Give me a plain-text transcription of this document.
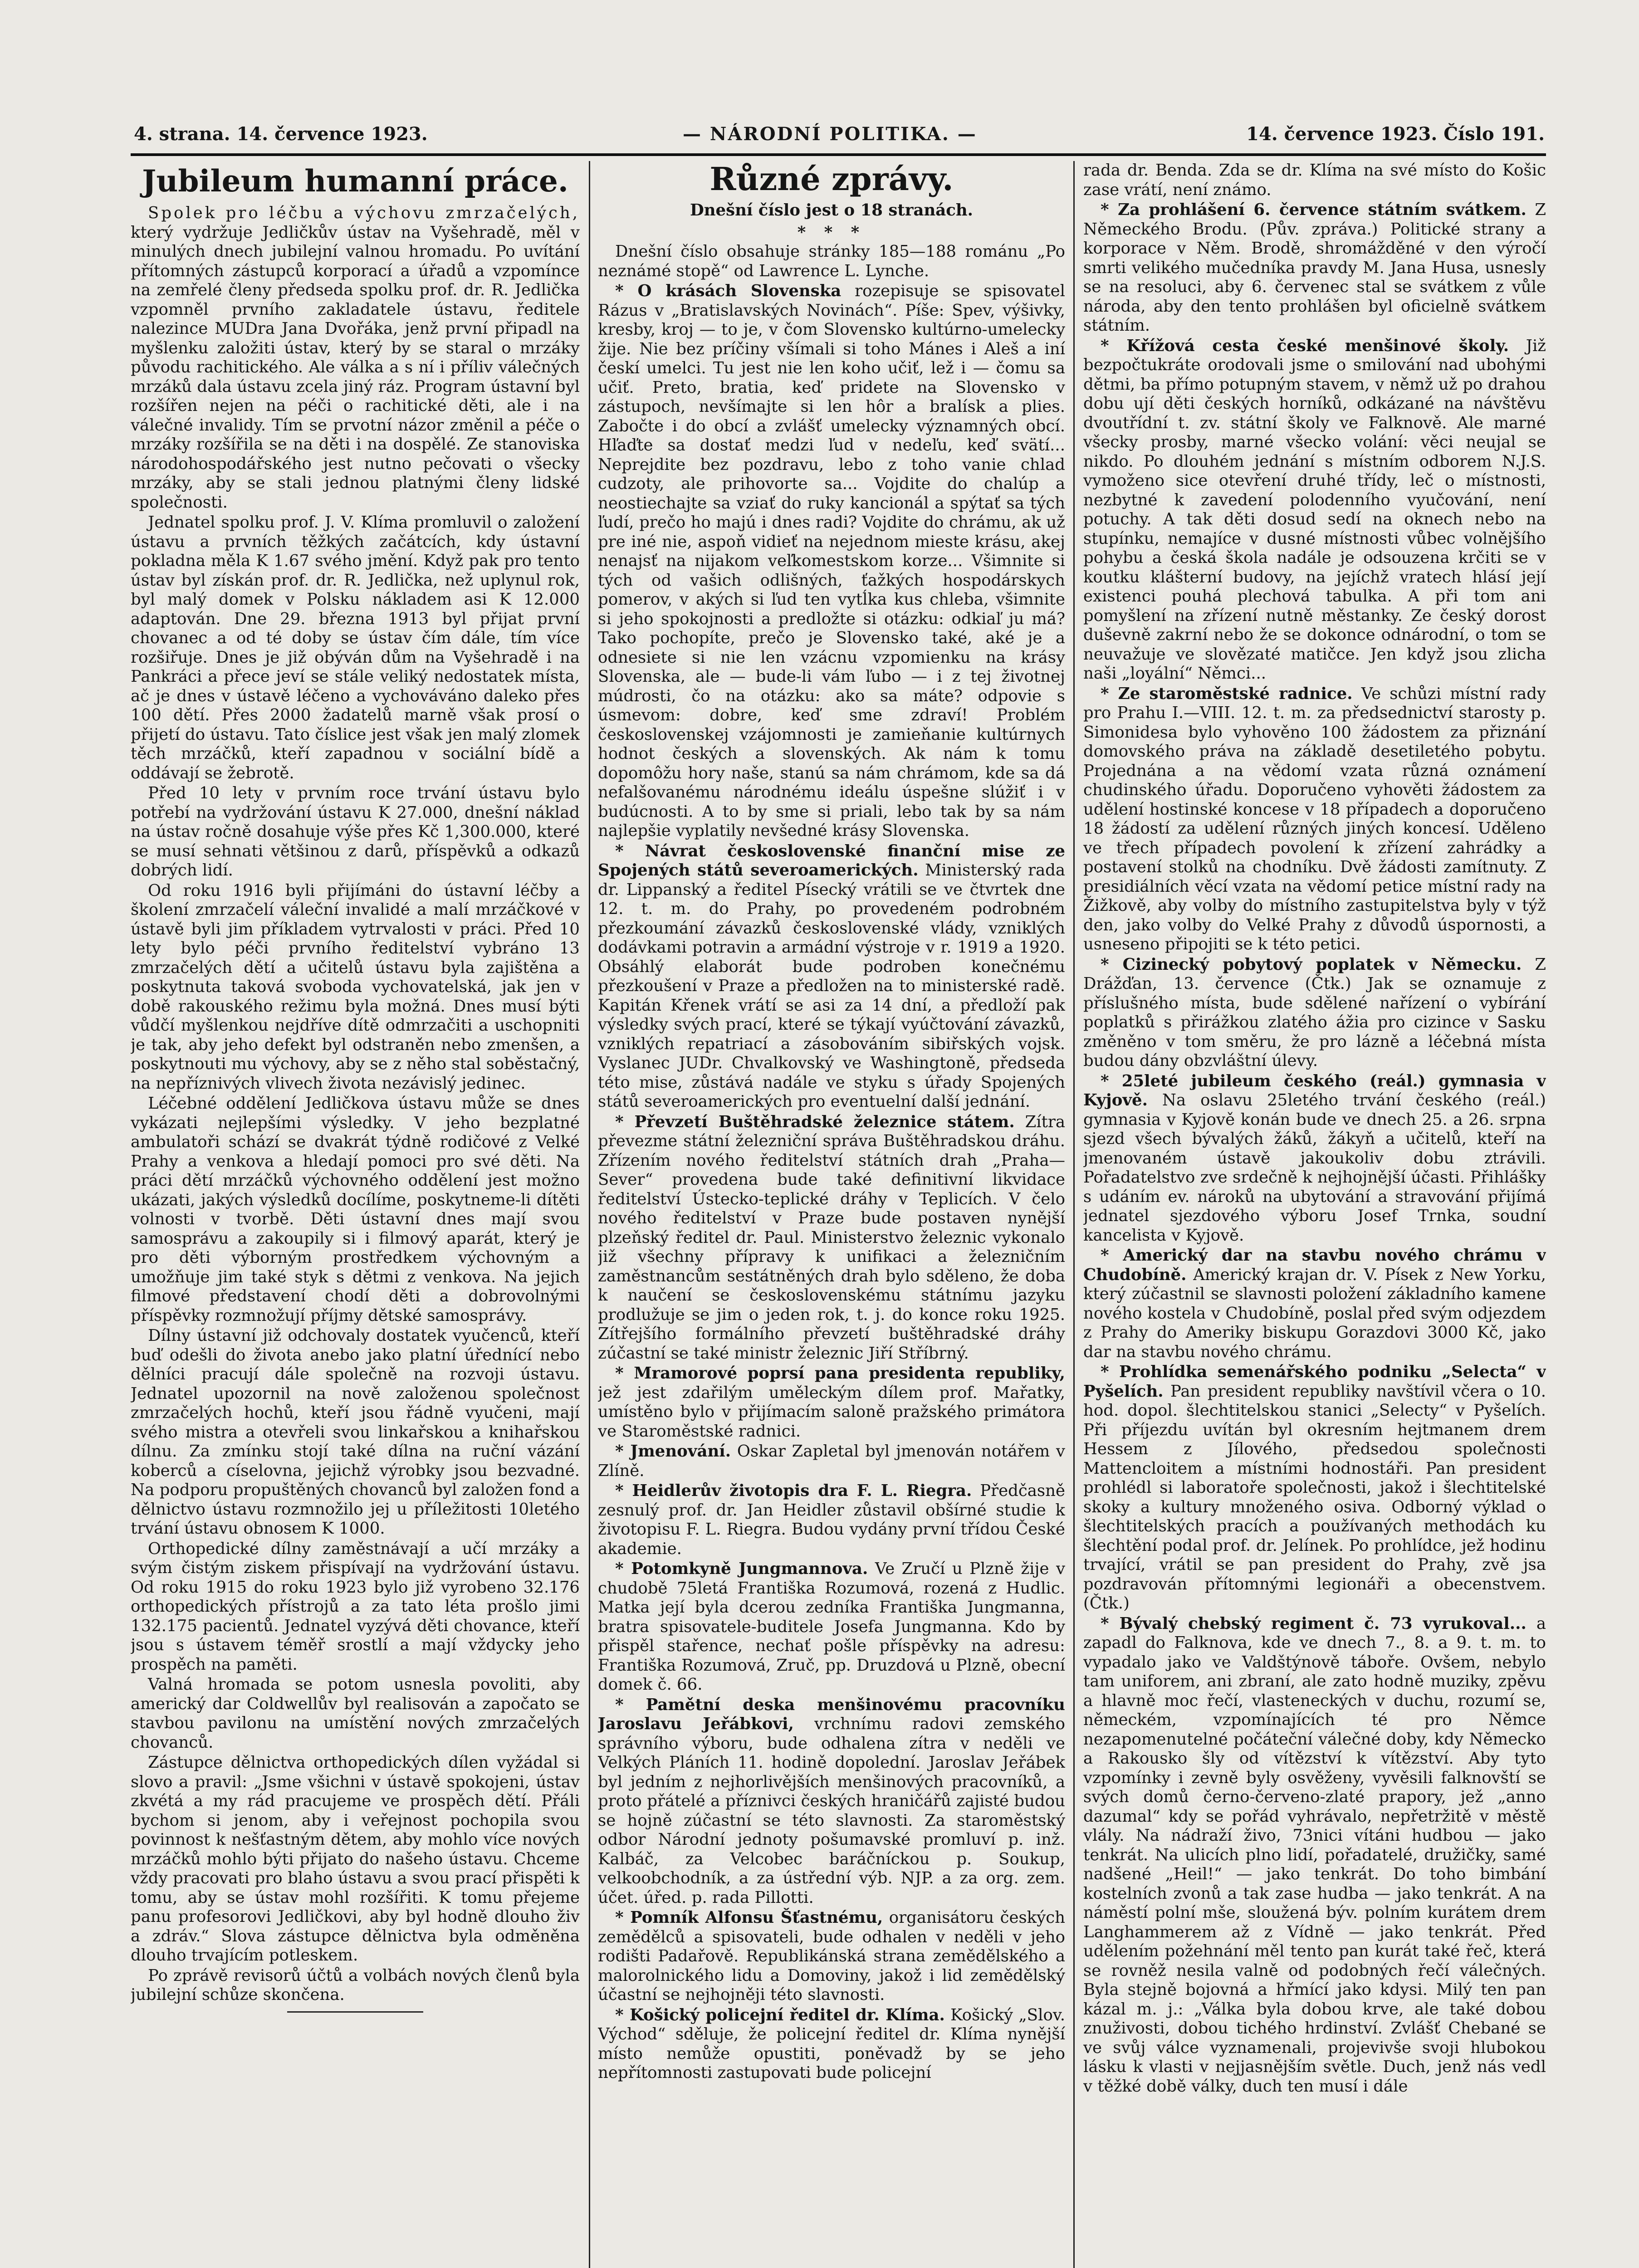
4. strana. 14. července 1923.	— NÁRODNÍ POLITIKA. —	14. července 1923. Číslo 191.
Jubileum humanní práce.

Spolek pro léčbu a výchovu zmrzačelých, který vydržuje Jedličkův ústav na Vyšehradě, měl v minulých dnech jubilejní valnou hromadu. Po uvítání přítomných zástupců korporací a úřadů a vzpomínce na zemřelé členy předseda spolku prof. dr. R. Jedlička vzpomněl prvního zakladatele ústavu, ředitele nalezince MUDra Jana Dvořáka, jenž první připadl na myšlenku založiti ústav, který by se staral o mrzáky původu rachitického. Ale válka a s ní i příliv válečných mrzáků dala ústavu zcela jiný ráz. Program ústavní byl rozšířen nejen na péči o rachitické děti, ale i na válečné invalidy. Tím se prvotní názor změnil a péče o mrzáky rozšířila se na děti i na dospělé. Ze stanoviska národohospodářského jest nutno pečovati o všecky mrzáky, aby se stali jednou platnými členy lidské společnosti.

Jednatel spolku prof. J. V. Klíma promluvil o založení ústavu a prvních těžkých začátcích, kdy ústavní pokladna měla K 1.67 svého jmění. Když pak pro tento ústav byl získán prof. dr. R. Jedlička, než uplynul rok, byl malý domek v Polsku nákladem asi K 12.000 adaptován. Dne 29. března 1913 byl přijat první chovanec a od té doby se ústav čím dále, tím více rozšiřuje. Dnes je již obýván dům na Vyšehradě i na Pankráci a přece jeví se stále veliký nedostatek místa, ač je dnes v ústavě léčeno a vychováváno daleko přes 100 dětí. Přes 2000 žadatelů marně však prosí o přijetí do ústavu. Tato číslice jest však jen malý zlomek těch mrzáčků, kteří zapadnou v sociální bídě a oddávají se žebrotě.

Před 10 lety v prvním roce trvání ústavu bylo potřebí na vydržování ústavu K 27.000, dnešní náklad na ústav ročně dosahuje výše přes Kč 1,300.000, které se musí sehnati většinou z darů, příspěvků a odkazů dobrých lidí.

Od roku 1916 byli přijímáni do ústavní léčby a školení zmrzačelí váleční invalidé a malí mrzáčkové v ústavě byli jim příkladem vytrvalosti v práci. Před 10 lety bylo péči prvního ředitelství vybráno 13 zmrzačelých dětí a učitelů ústavu byla zajištěna a poskytnuta taková svoboda vychovatelská, jak jen v době rakouského režimu byla možná. Dnes musí býti vůdčí myšlenkou nejdříve dítě odmrzačiti a uschopniti je tak, aby jeho defekt byl odstraněn nebo zmenšen, a poskytnouti mu výchovy, aby se z něho stal soběstačný, na nepříznivých vlivech života nezávislý jedinec.

Léčebné oddělení Jedličkova ústavu může se dnes vykázati nejlepšími výsledky. V jeho bezplatné ambulatoři schází se dvakrát týdně rodičové z Velké Prahy a venkova a hledají pomoci pro své děti. Na práci dětí mrzáčků výchovného oddělení jest možno ukázati, jakých výsledků docílíme, poskytneme-li dítěti volnosti v tvorbě. Děti ústavní dnes mají svou samosprávu a zakoupily si i filmový aparát, který je pro děti výborným prostředkem výchovným a umožňuje jim také styk s dětmi z venkova. Na jejich filmové představení chodí děti a dobrovolnými příspěvky rozmnožují příjmy dětské samosprávy.

Dílny ústavní již odchovaly dostatek vyučenců, kteří buď odešli do života anebo jako platní úřednící nebo dělníci pracují dále společně na rozvoji ústavu. Jednatel upozornil na nově založenou společnost zmrzačelých hochů, kteří jsou řádně vyučeni, mají svého mistra a otevřeli svou linkařskou a knihařskou dílnu. Za zmínku stojí také dílna na ruční vázání koberců a císelovna, jejichž výrobky jsou bezvadné. Na podporu propuštěných chovanců byl založen fond a dělnictvo ústavu rozmnožilo jej u příležitosti 10letého trvání ústavu obnosem K 1000.

Orthopedické dílny zaměstnávají a učí mrzáky a svým čistým ziskem přispívají na vydržování ústavu. Od roku 1915 do roku 1923 bylo již vyrobeno 32.176 orthopedických přístrojů a za tato léta prošlo jimi 132.175 pacientů. Jednatel vyzývá děti chovance, kteří jsou s ústavem téměř srostlí a mají vždycky jeho prospěch na paměti.

Valná hromada se potom usnesla povoliti, aby americký dar Coldwellův byl realisován a započato se stavbou pavilonu na umístění nových zmrzačelých chovanců.

Zástupce dělnictva orthopedických dílen vyžádal si slovo a pravil: „Jsme všichni v ústavě spokojeni, ústav zkvétá a my rád pracujeme ve prospěch dětí. Přáli bychom si jenom, aby i veřejnost pochopila svou povinnost k nešťastným dětem, aby mohlo více nových mrzáčků mohlo býti přijato do našeho ústavu. Chceme vždy pracovati pro blaho ústavu a svou prací přispěti k tomu, aby se ústav mohl rozšířiti. K tomu přejeme panu profesorovi Jedličkovi, aby byl hodně dlouho živ a zdráv.“ Slova zástupce dělnictva byla odměněna dlouho trvajícím potleskem.

Po zprávě revisorů účtů a volbách nových členů byla jubilejní schůze skončena.

Různé zprávy.
Dnešní číslo jest o 18 stranách.
* * *

Dnešní číslo obsahuje stránky 185—188 románu „Po neznámé stopě“ od Lawrence L. Lynche.

* O krásách Slovenska rozepisuje se spisovatel Rázus v „Bratislavských Novinách“. Píše: Spev, výšivky, kresby, kroj — to je, v čom Slovensko kultúrno-umelecky žije. Nie bez príčiny všímali si toho Mánes i Aleš a iní českí umelci. Tu jest nie len koho učiť, lež i — čomu sa učiť. Preto, bratia, keď pridete na Slovensko v zástupoch, nevšímajte si len hôr a bralísk a plies. Zabočte i do obcí a zvlášť umelecky významných obcí. Hľaďte sa dostať medzi ľud v nedeľu, keď svätí... Neprejdite bez pozdravu, lebo z toho vanie chlad cudzoty, ale prihovorte sa... Vojdite do chalúp a neostiechajte sa vziať do ruky kancionál a spýtať sa tých ľudí, prečo ho majú i dnes radi? Vojdite do chrámu, ak už pre iné nie, aspoň vidieť na nejednom mieste krásu, akej nenajsť na nijakom veľkomestskom korze... Všimnite si tých od vašich odlišných, ťažkých hospodárskych pomerov, v akých si ľud ten vytĺka kus chleba, všimnite si jeho spokojnosti a predložte si otázku: odkiaľ ju má? Tako pochopíte, prečo je Slovensko také, aké je a odnesiete si nie len vzácnu vzpomienku na krásy Slovenska, ale — bude-li vám ľubo — i z tej životnej múdrosti, čo na otázku: ako sa máte? odpovie s úsmevom: dobre, keď sme zdraví! Problém československej vzájomnosti je zamieňanie kultúrnych hodnot českých a slovenských. Ak nám k tomu dopomôžu hory naše, stanú sa nám chrámom, kde sa dá nefalšovanému národnému ideálu úspešne slúžiť i v budúcnosti. A to by sme si priali, lebo tak by sa nám najlepšie vyplatily nevšedné krásy Slovenska.

* Návrat československé finanční mise ze Spojených států severoamerických. Ministerský rada dr. Lippanský a ředitel Písecký vrátili se ve čtvrtek dne 12. t. m. do Prahy, po provedeném podrobném přezkoumání závazků československé vlády, vzniklých dodávkami potravin a armádní výstroje v r. 1919 a 1920. Obsáhlý elaborát bude podroben konečnému přezkoušení v Praze a předložen na to ministerské radě. Kapitán Křenek vrátí se asi za 14 dní, a předloží pak výsledky svých prací, které se týkají vyúčtování závazků, vzniklých repatriací a zásobováním sibiřských vojsk. Vyslanec JUDr. Chvalkovský ve Washingtoně, předseda této mise, zůstává nadále ve styku s úřady Spojených států severoamerických pro eventuelní další jednání.

* Převzetí Buštěhradské železnice státem. Zítra převezme státní železniční správa Buštěhradskou dráhu. Zřízením nového ředitelství státních drah „Praha—Sever“ provedena bude také definitivní likvidace ředitelství Ústecko-teplické dráhy v Teplicích. V čelo nového ředitelství v Praze bude postaven nynější plzeňský ředitel dr. Paul. Ministerstvo železnic vykonalo již všechny přípravy k unifikaci a železničním zaměstnancům sestátněných drah bylo sděleno, že doba k naučení se československému státnímu jazyku prodlužuje se jim o jeden rok, t. j. do konce roku 1925. Zítřejšího formálního převzetí buštěhradské dráhy zúčastní se také ministr železnic Jiří Stříbrný.

* Mramorové poprsí pana presidenta republiky, jež jest zdařilým uměleckým dílem prof. Mařatky, umístěno bylo v přijímacím saloně pražského primátora ve Staroměstské radnici.

* Jmenování. Oskar Zapletal byl jmenován notářem v Zlíně.

* Heidlerův životopis dra F. L. Riegra. Předčasně zesnulý prof. dr. Jan Heidler zůstavil obšírné studie k životopisu F. L. Riegra. Budou vydány první třídou České akademie.

* Potomkyně Jungmannova. Ve Zručí u Plzně žije v chudobě 75letá Františka Rozumová, rozená z Hudlic. Matka její byla dcerou zedníka Františka Jungmanna, bratra spisovatele-buditele Josefa Jungmanna. Kdo by přispěl stařence, nechať pošle příspěvky na adresu: Františka Rozumová, Zruč, pp. Druzdová u Plzně, obecní domek č. 66.

* Pamětní deska menšinovému pracovníku Jaroslavu Jeřábkovi, vrchnímu radovi zemského správního výboru, bude odhalena zítra v neděli ve Velkých Pláních 11. hodině dopolední. Jaroslav Jeřábek byl jedním z nejhorlivějších menšinových pracovníků, a proto přátelé a příznivci českých hraničářů zajisté budou se hojně zúčastní se této slavnosti. Za staroměstský odbor Národní jednoty pošumavské promluví p. inž. Kalbáč, za Velcobec baráčníckou p. Soukup, velkoobchodník, a za ústřední výb. NJP. a za org. zem. účet. úřed. p. rada Pillotti.

* Pomník Alfonsu Šťastnému, organisátoru českých zemědělců a spisovateli, bude odhalen v neděli v jeho rodišti Padařově. Republikánská strana zemědělského a malorolnického lidu a Domoviny, jakož i lid zemědělský účastní se nejhojněji této slavnosti.

* Košický policejní ředitel dr. Klíma. Košický „Slov. Východ“ sděluje, že policejní ředitel dr. Klíma nynější místo nemůže opustiti, poněvadž by se jeho nepřítomnosti zastupovati bude policejní

rada dr. Benda. Zda se dr. Klíma na své místo do Košic zase vrátí, není známo.

* Za prohlášení 6. července státním svátkem. Z Německého Brodu. (Pův. zpráva.) Politické strany a korporace v Něm. Brodě, shromážděné v den výročí smrti velikého mučedníka pravdy M. Jana Husa, usnesly se na resoluci, aby 6. červenec stal se svátkem z vůle národa, aby den tento prohlášen byl oficielně svátkem státním.

* Křížová cesta české menšinové školy. Již bezpočtukráte orodovali jsme o smilování nad ubohými dětmi, ba přímo potupným stavem, v němž už po drahou dobu ují děti českých horníků, odkázané na návštěvu dvoutřídní t. zv. státní školy ve Falknově. Ale marné všecky prosby, marné všecko volání: věci neujal se nikdo. Po dlouhém jednání s místním odborem N.J.S. vymoženo sice otevření druhé třídy, leč o místnosti, nezbytné k zavedení polodenního vyučování, není potuchy. A tak děti dosud sedí na oknech nebo na stupínku, nemajíce v dusné místnosti vůbec volnějšího pohybu a česká škola nadále je odsouzena krčiti se v koutku klášterní budovy, na jejíchž vratech hlásí její existenci pouhá plechová tabulka. A při tom ani pomyšlení na zřízení nutně městanky. Ze český dorost duševně zakrní nebo že se dokonce odnárodní, o tom se neuvažuje ve slovězaté matičce. Jen když jsou zlicha naši „loyální“ Němci...

* Ze staroměstské radnice. Ve schůzi místní rady pro Prahu I.—VIII. 12. t. m. za předsednictví starosty p. Simonidesa bylo vyhověno 100 žádostem za přiznání domovského práva na základě desetiletého pobytu. Projednána a na vědomí vzata různá oznámení chudinského úřadu. Doporučeno vyhověti žádostem za udělení hostinské koncese v 18 případech a doporučeno 18 žádostí za udělení různých jiných koncesí. Uděleno ve třech případech povolení k zřízení zahrádky a postavení stolků na chodníku. Dvě žádosti zamítnuty. Z presidiálních věcí vzata na vědomí petice místní rady na Žižkově, aby volby do místního zastupitelstva byly v týž den, jako volby do Velké Prahy z důvodů úspornosti, a usneseno připojiti se k této petici.

* Cizinecký pobytový poplatek v Německu. Z Drážďan, 13. července (Čtk.) Jak se oznamuje z příslušného místa, bude sdělené nařízení o vybírání poplatků s přirážkou zlatého ážia pro cizince v Sasku změněno v tom směru, že pro lázně a léčebná místa budou dány obzvláštní úlevy.

* 25leté jubileum českého (reál.) gymnasia v Kyjově. Na oslavu 25letého trvání českého (reál.) gymnasia v Kyjově konán bude ve dnech 25. a 26. srpna sjezd všech bývalých žáků, žákyň a učitelů, kteří na jmenovaném ústavě jakoukoliv dobu ztrávili. Pořadatelstvo zve srdečně k nejhojnější účasti. Přihlášky s udáním ev. nároků na ubytování a stravování přijímá jednatel sjezdového výboru Josef Trnka, soudní kancelista v Kyjově.

* Americký dar na stavbu nového chrámu v Chudobíně. Americký krajan dr. V. Písek z New Yorku, který zúčastnil se slavnosti položení základního kamene nového kostela v Chudobíně, poslal před svým odjezdem z Prahy do Ameriky biskupu Gorazdovi 3000 Kč, jako dar na stavbu nového chrámu.

* Prohlídka semenářského podniku „Selecta“ v Pyšelích. Pan president republiky navštívil včera o 10. hod. dopol. šlechtitelskou stanici „Selecty“ v Pyšelích. Při příjezdu uvítán byl okresním hejtmanem drem Hessem z Jílového, předsedou společnosti Mattencloitem a místními hodnostáři. Pan president prohlédl si laboratoře společnosti, jakož i šlechtitelské skoky a kultury množeného osiva. Odborný výklad o šlechtitelských pracích a používaných methodách ku šlechtění podal prof. dr. Jelínek. Po prohlídce, jež hodinu trvající, vrátil se pan president do Prahy, zvě jsa pozdravován přítomnými legionáři a obecenstvem. (Čtk.)

* Bývalý chebský regiment č. 73 vyrukoval... a zapadl do Falknova, kde ve dnech 7., 8. a 9. t. m. to vypadalo jako ve Valdštýnově táboře. Ovšem, nebylo tam uniforem, ani zbraní, ale zato hodně muziky, zpěvu a hlavně moc řečí, vlasteneckých v duchu, rozumí se, německém, vzpomínajících té pro Němce nezapomenutelné počáteční válečné doby, kdy Německo a Rakousko šly od vítězství k vítězství. Aby tyto vzpomínky i zevně byly osvěženy, vyvěsili falknovští se svých domů černo-červeno-zlaté prapory, jež „anno dazumal“ kdy se pořád vyhrávalo, nepřetržitě v městě vlály. Na nádraží živo, 73nici vítáni hudbou — jako tenkrát. Na ulicích plno lidí, pořadatelé, družičky, samé nadšené „Heil!“ — jako tenkrát. Do toho bimbání kostelních zvonů a tak zase hudba — jako tenkrát. A na náměstí polní mše, sloužená býv. polním kurátem drem Langhammerem až z Vídně — jako tenkrát. Před udělením požehnání měl tento pan kurát také řeč, která se rovněž nesila valně od podobných řečí válečných. Byla stejně bojovná a hřmící jako kdysi. Milý ten pan kázal m. j.: „Válka byla dobou krve, ale také dobou znuživosti, dobou tichého hrdinství. Zvlášť Chebané se ve svůj válce vyznamenali, projevivše svoji hlubokou lásku k vlasti v nejjasnějším světle. Duch, jenž nás vedl v těžké době války, duch ten musí i dále
